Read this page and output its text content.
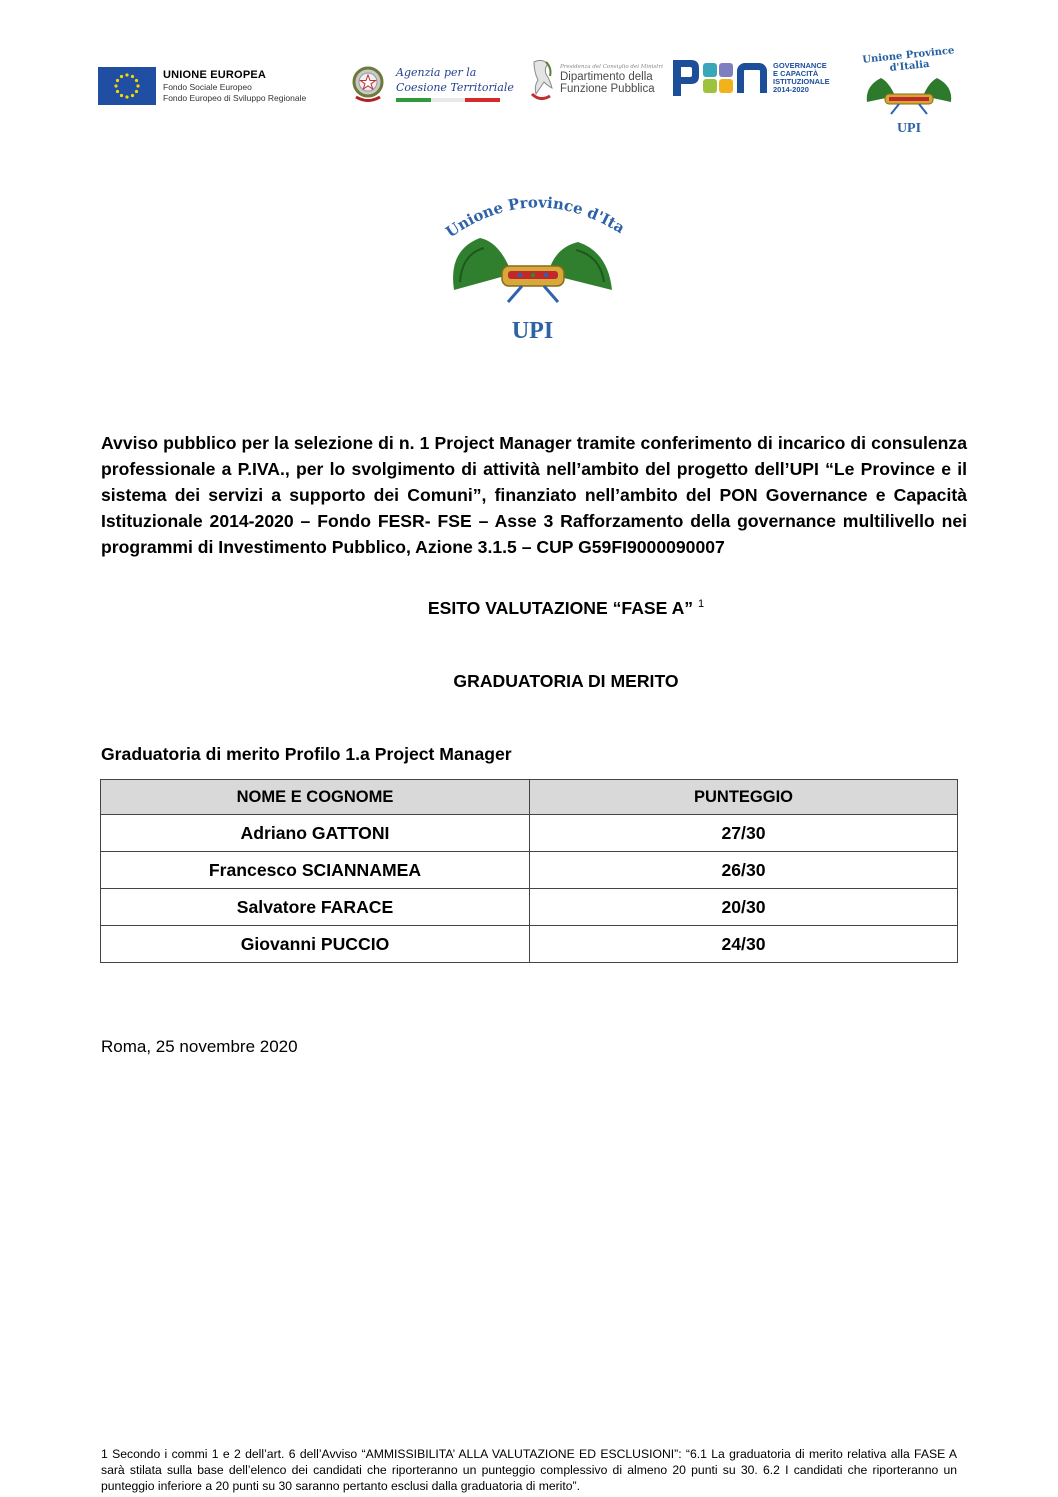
UNIONE EUROPEA
Fondo Sociale Europeo
Fondo Europeo di Sviluppo Regionale
Agenzia per la
Coesione Territoriale
Presidenza del Consiglio dei Ministri
Dipartimento della
Funzione Pubblica
GOVERNANCE
E CAPACITÀ
ISTITUZIONALE
2014-2020
Unione Province d'Italia
UPI
Unione Province d'It
UPI

Avviso pubblico per la selezione di n. 1 Project Manager tramite conferimento di incarico di consulenza professionale a P.IVA., per lo svolgimento di attività nell’ambito del progetto dell’UPI “Le Province e il sistema dei servizi a supporto dei Comuni”, finanziato nell’ambito del PON Governance e Capacità Istituzionale 2014-2020 – Fondo FESR- FSE – Asse 3 Rafforzamento della governance multilivello nei programmi di Investimento Pubblico, Azione 3.1.5 – CUP G59FI9000090007

ESITO VALUTAZIONE “FASE A” $^1$
GRADUATORIA DI MERITO
Graduatoria di merito Profilo 1.a Project Manager
NOME E COGNOME	PUNTEGGIO
Adriano GATTONI	27/30
Francesco SCIANNAMEA	26/30
Salvatore FARACE	20/30
Giovanni PUCCIO	24/30
Roma, 25 novembre 2020
1 Secondo i commi 1 e 2 dell’art. 6 dell’Avviso “AMMISSIBILITA’ ALLA VALUTAZIONE ED ESCLUSIONI”: “6.1 La graduatoria di merito relativa alla FASE A sarà stilata sulla base dell’elenco dei candidati che riporteranno un punteggio complessivo di almeno 20 punti su 30. 6.2 I candidati che riporteranno un punteggio inferiore a 20 punti su 30 saranno pertanto esclusi dalla graduatoria di merito”.
